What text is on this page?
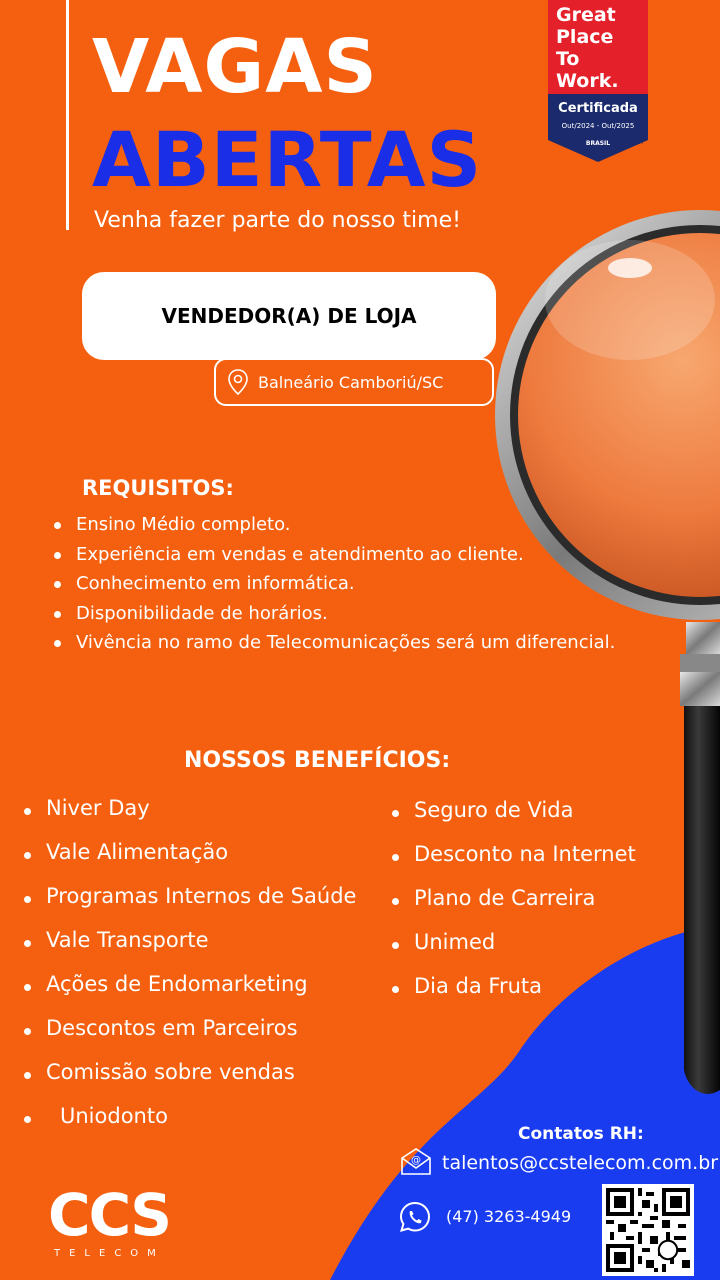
VAGAS
ABERTAS
Venha fazer parte do nosso time!
Great
Place
To
Work.
Certificada
Out/2024 - Out/2025
BRASIL	TM
VENDEDOR(A) DE LOJA
Balneário Camboriú/SC
REQUISITOS:
Ensino Médio completo.
Experiência em vendas e atendimento ao cliente.
Conhecimento em informática.
Disponibilidade de horários.
Vivência no ramo de Telecomunicações será um diferencial.
NOSSOS BENEFÍCIOS:
Niver Day
Vale Alimentação
Programas Internos de Saúde
Vale Transporte
Ações de Endomarketing
Descontos em Parceiros
Comissão sobre vendas
Uniodonto
Seguro de Vida
Desconto na Internet
Plano de Carreira
Unimed
Dia da Fruta
Contatos RH:
@ talentos@ccstelecom.com.br
(47) 3263-4949
CCS
TELECOM
